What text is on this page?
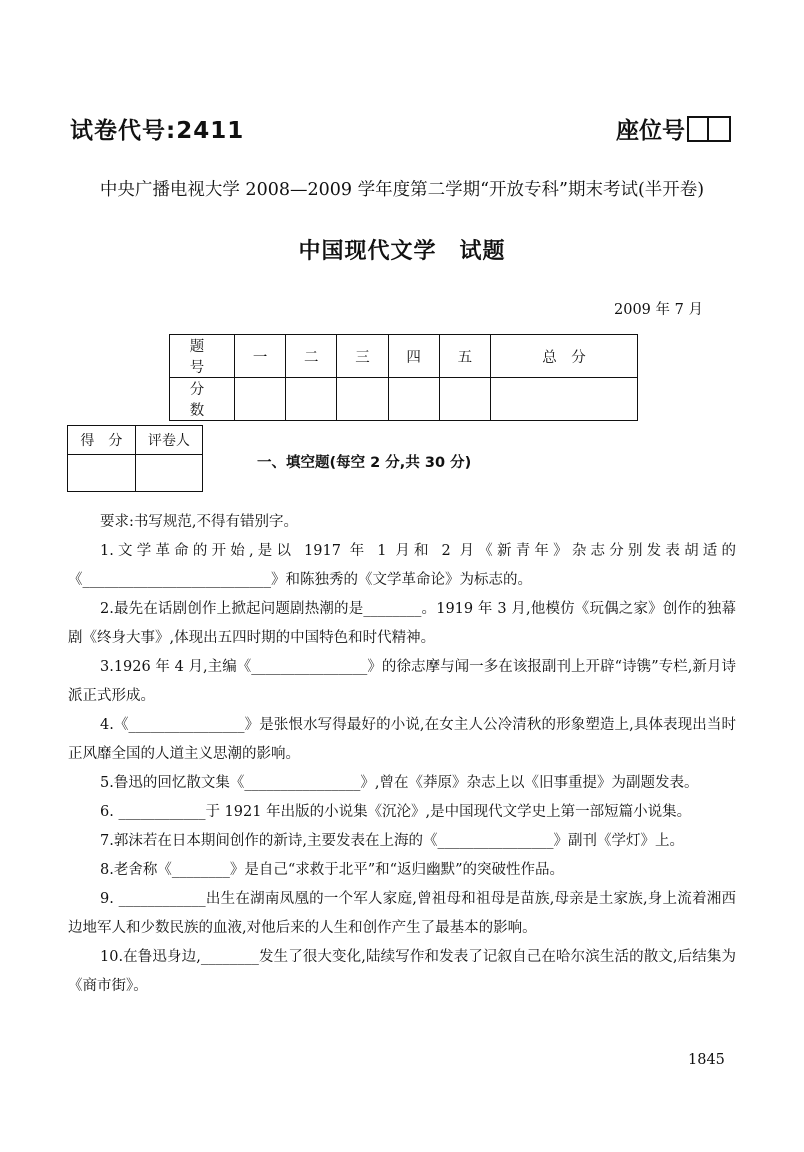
试卷代号:2411	座位号
中央广播电视大学 2008—2009 学年度第二学期“开放专科”期末考试(半开卷)
中国现代文学　试题
2009 年 7 月
题　号	一	二	三	四	五	总　分
分　数						
得　分	评卷人

一、填空题(每空 2 分,共 30 分)

要求:书写规范,不得有错别字。

1.文学革命的开始,是以 1917 年 1 月和 2 月《新青年》杂志分别发表胡适的《__________________________》和陈独秀的《文学革命论》为标志的。

2.最先在话剧创作上掀起问题剧热潮的是________。1919 年 3 月,他模仿《玩偶之家》创作的独幕剧《终身大事》,体现出五四时期的中国特色和时代精神。

3.1926 年 4 月,主编《________________》的徐志摩与闻一多在该报副刊上开辟“诗镌”专栏,新月诗派正式形成。

4.《________________》是张恨水写得最好的小说,在女主人公冷清秋的形象塑造上,具体表现出当时正风靡全国的人道主义思潮的影响。

5.鲁迅的回忆散文集《________________》,曾在《莽原》杂志上以《旧事重提》为副题发表。

6. ____________于 1921 年出版的小说集《沉沦》,是中国现代文学史上第一部短篇小说集。

7.郭沫若在日本期间创作的新诗,主要发表在上海的《________________》副刊《学灯》上。

8.老舍称《________》是自己“求救于北平”和“返归幽默”的突破性作品。

9. ____________出生在湖南凤凰的一个军人家庭,曾祖母和祖母是苗族,母亲是土家族,身上流着湘西边地军人和少数民族的血液,对他后来的人生和创作产生了最基本的影响。

10.在鲁迅身边,________发生了很大变化,陆续写作和发表了记叙自己在哈尔滨生活的散文,后结集为《商市街》。

1845
